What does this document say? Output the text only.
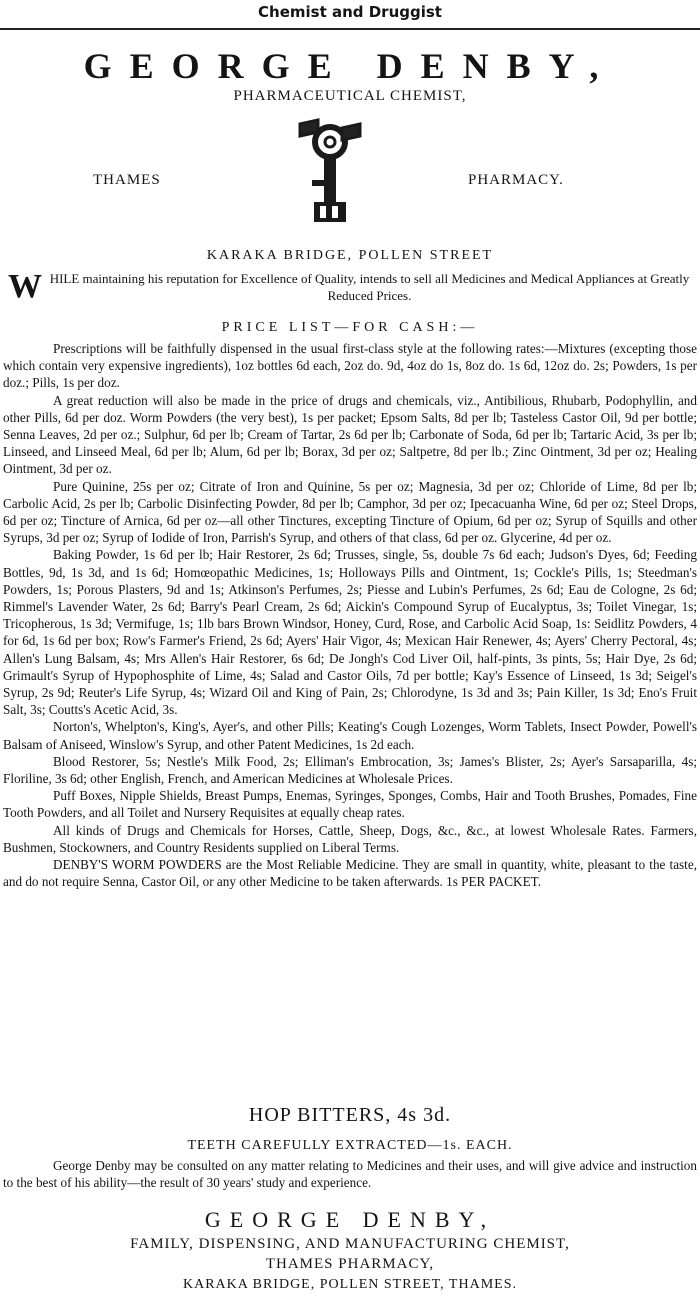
Chemist and Druggist
GEORGE DENBY,
PHARMACEUTICAL CHEMIST,
THAMES	PHARMACY.
KARAKA BRIDGE, POLLEN STREET
W HILE maintaining his reputation for Excellence of Quality, intends to sell all Medicines and Medical Appliances at Greatly Reduced Prices.
PRICE LIST—FOR CASH:—

Prescriptions will be faithfully dispensed in the usual first-class style at the following rates:—Mixtures (excepting those which contain very expensive ingredients), 1oz bottles 6d each, 2oz do. 9d, 4oz do 1s, 8oz do. 1s 6d, 12oz do. 2s; Powders, 1s per doz.; Pills, 1s per doz.

A great reduction will also be made in the price of drugs and chemicals, viz., Antibilious, Rhubarb, Podophyllin, and other Pills, 6d per doz. Worm Powders (the very best), 1s per packet; Epsom Salts, 8d per lb; Tasteless Castor Oil, 9d per bottle; Senna Leaves, 2d per oz.; Sulphur, 6d per lb; Cream of Tartar, 2s 6d per lb; Carbonate of Soda, 6d per lb; Tartaric Acid, 3s per lb; Linseed, and Linseed Meal, 6d per lb; Alum, 6d per lb; Borax, 3d per oz; Saltpetre, 8d per lb.; Zinc Ointment, 3d per oz; Healing Ointment, 3d per oz.

Pure Quinine, 25s per oz; Citrate of Iron and Quinine, 5s per oz; Magnesia, 3d per oz; Chloride of Lime, 8d per lb; Carbolic Acid, 2s per lb; Carbolic Disinfecting Powder, 8d per lb; Camphor, 3d per oz; Ipecacuanha Wine, 6d per oz; Steel Drops, 6d per oz; Tincture of Arnica, 6d per oz—all other Tinctures, excepting Tincture of Opium, 6d per oz; Syrup of Squills and other Syrups, 3d per oz; Syrup of Iodide of Iron, Parrish's Syrup, and others of that class, 6d per oz. Glycerine, 4d per oz.

Baking Powder, 1s 6d per lb; Hair Restorer, 2s 6d; Trusses, single, 5s, double 7s 6d each; Judson's Dyes, 6d; Feeding Bottles, 9d, 1s 3d, and 1s 6d; Homœopathic Medicines, 1s; Holloways Pills and Ointment, 1s; Cockle's Pills, 1s; Steedman's Powders, 1s; Porous Plasters, 9d and 1s; Atkinson's Perfumes, 2s; Piesse and Lubin's Perfumes, 2s 6d; Eau de Cologne, 2s 6d; Rimmel's Lavender Water, 2s 6d; Barry's Pearl Cream, 2s 6d; Aickin's Compound Syrup of Eucalyptus, 3s; Toilet Vinegar, 1s; Tricopherous, 1s 3d; Vermifuge, 1s; 1lb bars Brown Windsor, Honey, Curd, Rose, and Carbolic Acid Soap, 1s: Seidlitz Powders, 4 for 6d, 1s 6d per box; Row's Farmer's Friend, 2s 6d; Ayers' Hair Vigor, 4s; Mexican Hair Renewer, 4s; Ayers' Cherry Pectoral, 4s; Allen's Lung Balsam, 4s; Mrs Allen's Hair Restorer, 6s 6d; De Jongh's Cod Liver Oil, half-pints, 3s pints, 5s; Hair Dye, 2s 6d; Grimault's Syrup of Hypophosphite of Lime, 4s; Salad and Castor Oils, 7d per bottle; Kay's Essence of Linseed, 1s 3d; Seigel's Syrup, 2s 9d; Reuter's Life Syrup, 4s; Wizard Oil and King of Pain, 2s; Chlorodyne, 1s 3d and 3s; Pain Killer, 1s 3d; Eno's Fruit Salt, 3s; Coutts's Acetic Acid, 3s.

Norton's, Whelpton's, King's, Ayer's, and other Pills; Keating's Cough Lozenges, Worm Tablets, Insect Powder, Powell's Balsam of Aniseed, Winslow's Syrup, and other Patent Medicines, 1s 2d each.

Blood Restorer, 5s; Nestle's Milk Food, 2s; Elliman's Embrocation, 3s; James's Blister, 2s; Ayer's Sarsaparilla, 4s; Floriline, 3s 6d; other English, French, and American Medicines at Wholesale Prices.

Puff Boxes, Nipple Shields, Breast Pumps, Enemas, Syringes, Sponges, Combs, Hair and Tooth Brushes, Pomades, Fine Tooth Powders, and all Toilet and Nursery Requisites at equally cheap rates.

All kinds of Drugs and Chemicals for Horses, Cattle, Sheep, Dogs, &c., &c., at lowest Wholesale Rates. Farmers, Bushmen, Stockowners, and Country Residents supplied on Liberal Terms.

DENBY'S WORM POWDERS are the Most Reliable Medicine. They are small in quantity, white, pleasant to the taste, and do not require Senna, Castor Oil, or any other Medicine to be taken afterwards. 1s PER PACKET.

HOP BITTERS, 4s 3d.
TEETH CAREFULLY EXTRACTED—1s. EACH.
George Denby may be consulted on any matter relating to Medicines and their uses, and will give advice and instruction to the best of his ability—the result of 30 years' study and experience.
GEORGE DENBY,
FAMILY, DISPENSING, AND MANUFACTURING CHEMIST,
THAMES PHARMACY,
KARAKA BRIDGE, POLLEN STREET, THAMES.
